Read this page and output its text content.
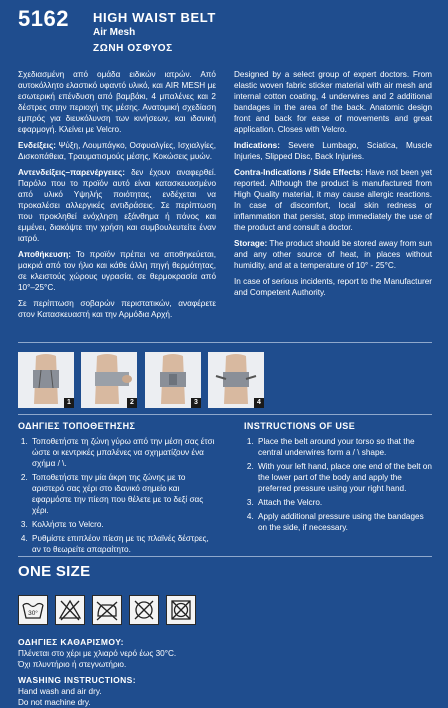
5162 HIGH WAIST BELT
Air Mesh
ΖΩΝΗ ΟΣΦΥΟΣ

Σχεδιασμένη από ομάδα ειδικών ιατρών. Από αυτοκόλλητο ελαστικό υφαντό υλικό, και AIR MESH με εσωτερική επένδυση από βαμβάκι, 4 μπαλένες και 2 δέστρες στην περιοχή της μέσης. Ανατομική σχεδίαση εμπρός για διευκόλυνση των κινήσεων, και ιδανική εφαρμογή. Κλείνει με Velcro.

Ενδείξεις: Ψύξη, Λουμπάγκο, Οσφυαλγίες, Ισχιαλγίες, Δισκοπάθεια, Τραυματισμούς μέσης, Κοκώσεις μυών.

Αντενδείξεις–παρενέργειες: δεν έχουν αναφερθεί. Παρόλο που το προϊόν αυτό είναι κατασκευασμένο από υλικό Υψηλής ποιότητας, ενδέχεται να προκαλέσει αλλεργικές αντιδράσεις. Σε περίπτωση που προκληθεί ενόχληση εξάνθημα ή πόνος και εμμένει, διακόψτε την χρήση και συμβουλευτείτε έναν ιατρό.

Αποθήκευση: Το προϊόν πρέπει να αποθηκεύεται, μακριά από τον ήλιο και κάθε άλλη πηγή θερμότητας, σε κλειστούς χώρους υγρασία, σε θερμοκρασία από 10°–25°C.

Σε περίπτωση σοβαρών περιστατικών, αναφέρετε στον Κατασκευαστή και την Αρμόδια Αρχή.

Designed by a select group of expert doctors. From elastic woven fabric sticker material with air mesh and internal cotton coating, 4 underwires and 2 additional bandages in the area of the back. Anatomic design front and back for ease of movements and great application. Closes with Velcro.

Indications: Severe Lumbago, Sciatica, Muscle Injuries, Slipped Disc, Back Injuries.

Contra-Indications / Side Effects: Have not been yet reported. Although the product is manufactured from High Quality material, it may cause allergic reactions. In case of discomfort, local skin redness or inflammation that persist, stop immediately the use of the product and consult a doctor.

Storage: The product should be stored away from sun and any other source of heat, in places without humidity, and at a temperature of 10° - 25°C.

In case of serious incidents, report to the Manufacturer and Competent Authority.

1	2	3	4
ΟΔΗΓΙΕΣ ΤΟΠΟΘΕΤΗΣΗΣ
1. Τοποθετήστε τη ζώνη γύρω από την μέση σας έτσι ώστε οι κεντρικές μπαλένες να σχηματίζουν ένα σχήμα / \.
2. Τοποθετήστε την μία άκρη της ζώνης με το αριστερό σας χέρι στο ιδανικό σημείο και εφαρμόστε την πίεση που θέλετε με το δεξί σας χέρι.
3. Κολλήστε το Velcro.
4. Ρυθμίστε επιπλέον πίεση με τις πλαϊνές δέστρες, αν το θεωρείτε απαραίτητο.
INSTRUCTIONS OF USE
1. Place the belt around your torso so that the central underwires form a / \ shape.
2. With your left hand, place one end of the belt on the lower part of the body and apply the preferred pressure using your right hand.
3. Attach the Velcro.
4. Apply additional pressure using the bandages on the side, if necessary.
ONE SIZE
30°
ΟΔΗΓΙΕΣ ΚΑΘΑΡΙΣΜΟΥ:
Πλένεται στο χέρι με χλιαρό νερό έως 30°C.
Όχι πλυντήριο ή στεγνωτήριο.
WASHING INSTRUCTIONS:
Hand wash and air dry.
Do not machine dry.
